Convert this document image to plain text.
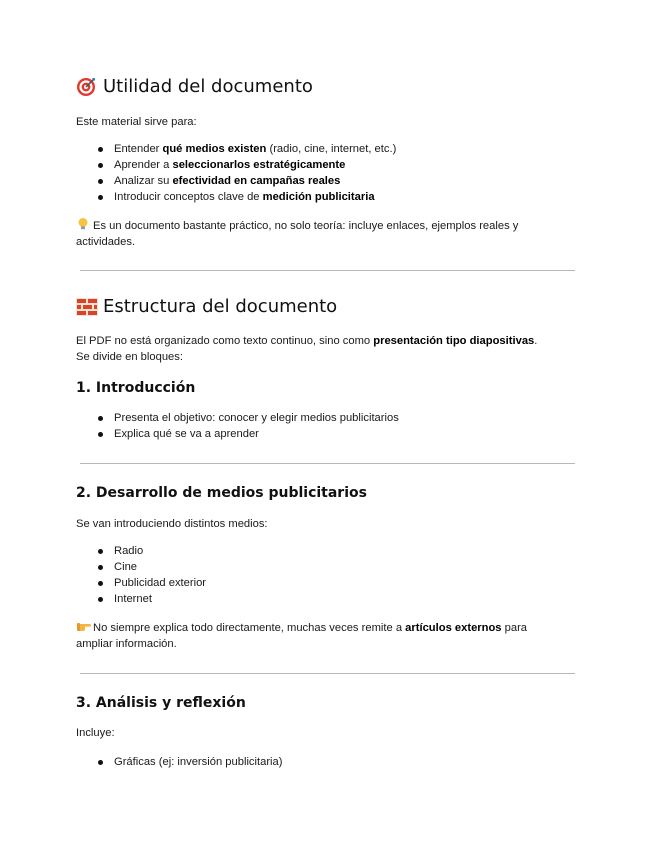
Utilidad del documento

Este material sirve para:

Entender qué medios existen (radio, cine, internet, etc.)
Aprender a seleccionarlos estratégicamente
Analizar su efectividad en campañas reales
Introducir conceptos clave de medición publicitaria

Es un documento bastante práctico, no solo teoría: incluye enlaces, ejemplos reales y actividades.

Estructura del documento

El PDF no está organizado como texto continuo, sino como presentación tipo diapositivas.
Se divide en bloques:

1. Introducción
Presenta el objetivo: conocer y elegir medios publicitarios
Explica qué se va a aprender
2. Desarrollo de medios publicitarios

Se van introduciendo distintos medios:

Radio
Cine
Publicidad exterior
Internet

No siempre explica todo directamente, muchas veces remite a artículos externos para
ampliar información.

3. Análisis y reflexión

Incluye:

Gráficas (ej: inversión publicitaria)
